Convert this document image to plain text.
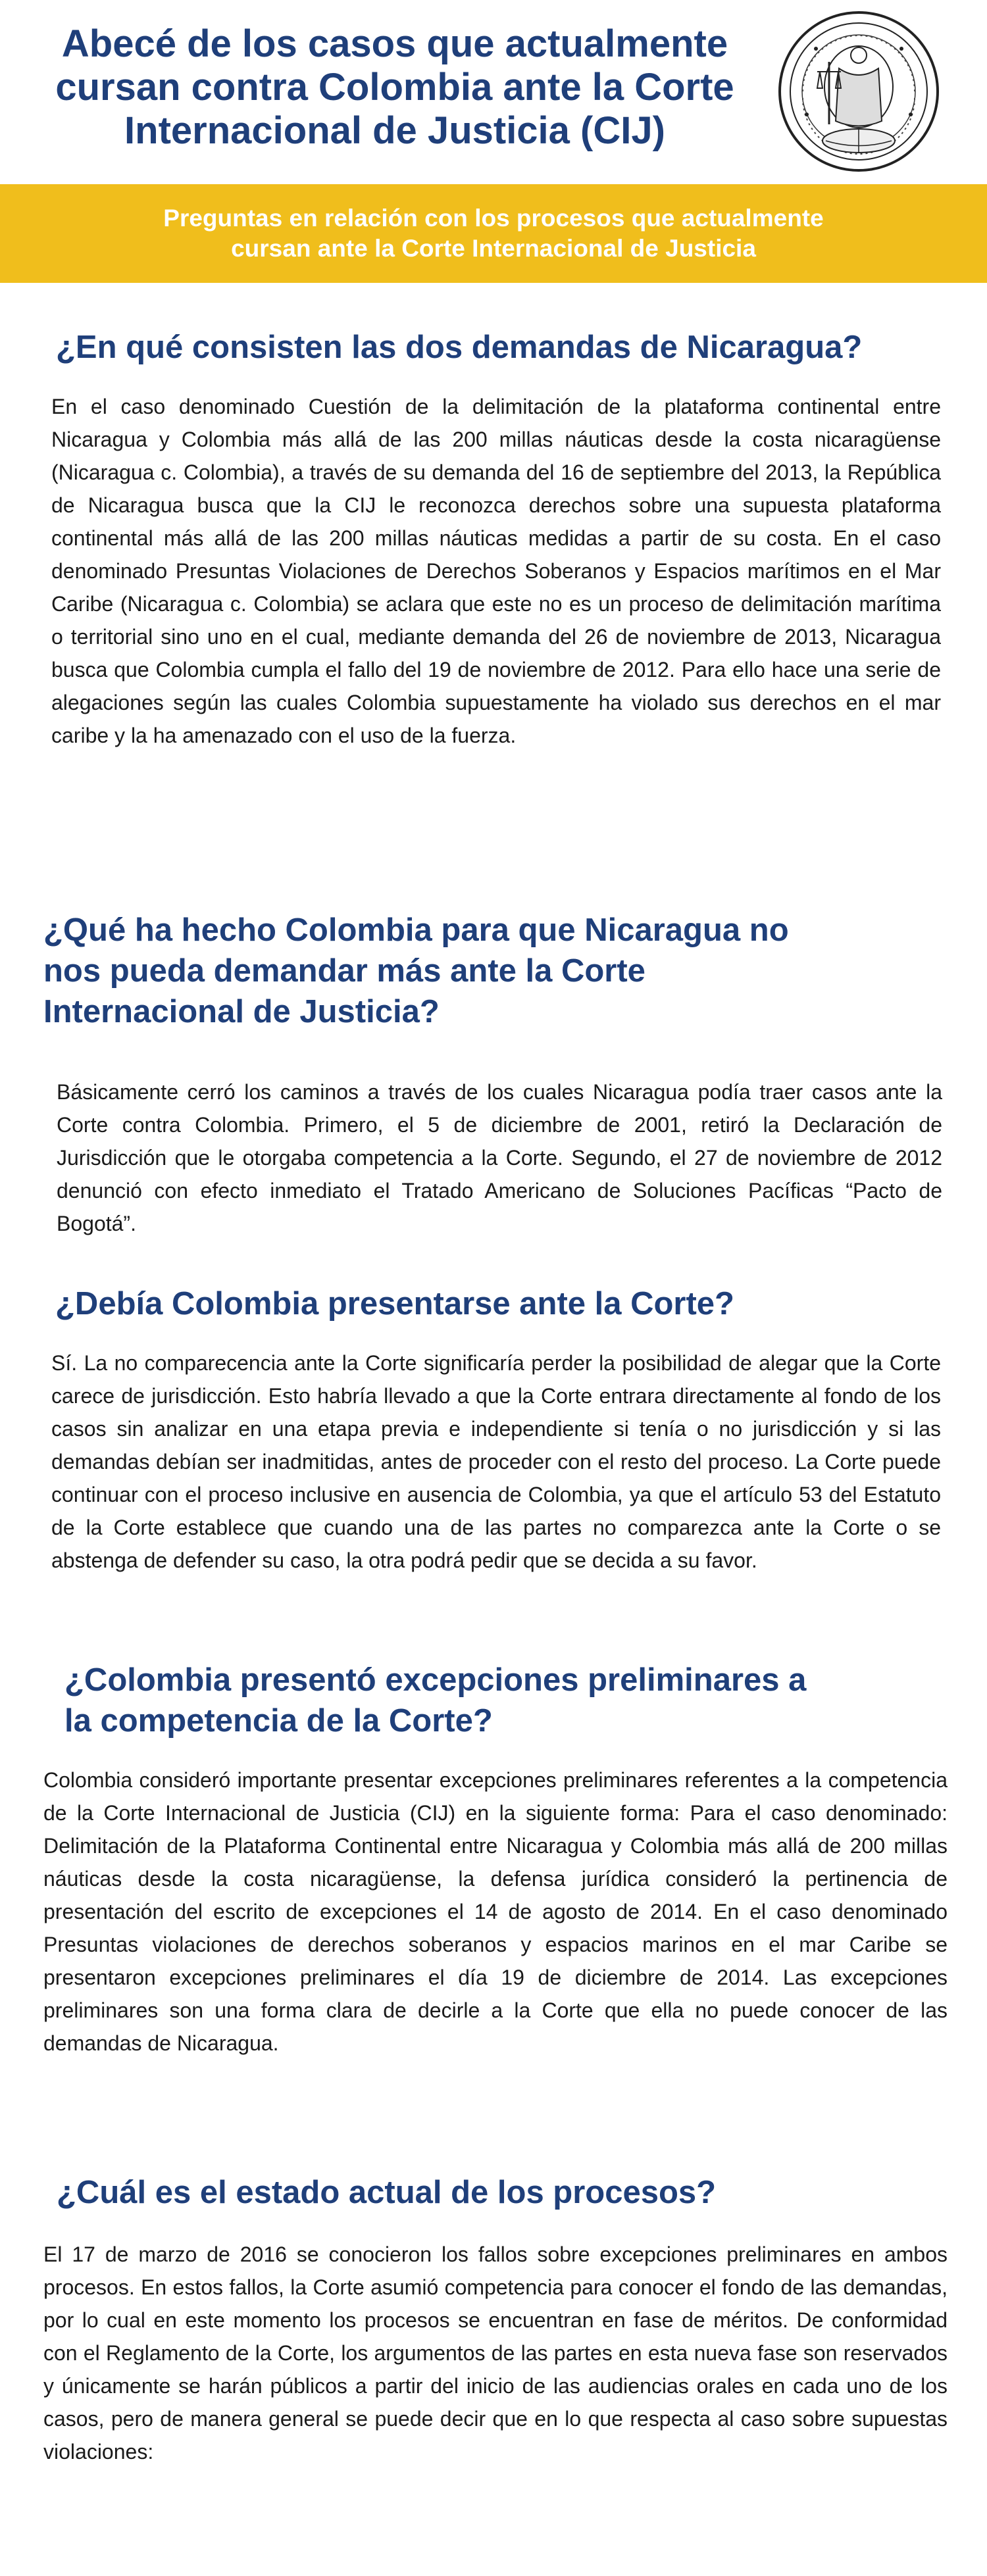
Abecé de los casos que actualmente
cursan contra Colombia ante la Corte
Internacional de Justicia (CIJ)

Preguntas en relación con los procesos que actualmente
cursan ante la Corte Internacional de Justicia

¿En qué consisten las dos demandas de Nicaragua?

En el caso denominado Cuestión de la delimitación de la plataforma continental entre Nicaragua y Colombia más allá de las 200 millas náuticas desde la costa nicaragüense (Nicaragua c. Colombia), a través de su demanda del 16 de septiembre del 2013, la República de Nicaragua busca que la CIJ le reconozca derechos sobre una supuesta plataforma continental más allá de las 200 millas náuticas medidas a partir de su costa. En el caso denominado Presuntas Violaciones de Derechos Soberanos y Espacios marítimos en el Mar Caribe (Nicaragua c. Colombia) se aclara que este no es un proceso de delimitación marítima o territorial sino uno en el cual, mediante demanda del 26 de noviembre de 2013, Nicaragua busca que Colombia cumpla el fallo del 19 de noviembre de 2012. Para ello hace una serie de alegaciones según las cuales Colombia supuestamente ha violado sus derechos en el mar caribe y la ha amenazado con el uso de la fuerza.

¿Qué ha hecho Colombia para que Nicaragua no
nos pueda demandar más ante la Corte
Internacional de Justicia?

Básicamente cerró los caminos a través de los cuales Nicaragua podía traer casos ante la Corte contra Colombia. Primero, el 5 de diciembre de 2001, retiró la Declaración de Jurisdicción que le otorgaba competencia a la Corte. Segundo, el 27 de noviembre de 2012 denunció con efecto inmediato el Tratado Americano de Soluciones Pacíficas “Pacto de Bogotá”.

¿Debía Colombia presentarse ante la Corte?

Sí. La no comparecencia ante la Corte significaría perder la posibilidad de alegar que la Corte carece de jurisdicción. Esto habría llevado a que la Corte entrara directamente al fondo de los casos sin analizar en una etapa previa e independiente si tenía o no jurisdicción y si las demandas debían ser inadmitidas, antes de proceder con el resto del proceso. La Corte puede continuar con el proceso inclusive en ausencia de Colombia, ya que el artículo 53 del Estatuto de la Corte establece que cuando una de las partes no comparezca ante la Corte o se abstenga de defender su caso, la otra podrá pedir que se decida a su favor.

¿Colombia presentó excepciones preliminares a
la competencia de la Corte?

Colombia consideró importante presentar excepciones preliminares referentes a la competencia de la Corte Internacional de Justicia (CIJ) en la siguiente forma: Para el caso denominado: Delimitación de la Plataforma Continental entre Nicaragua y Colombia más allá de 200 millas náuticas desde la costa nicaragüense, la defensa jurídica consideró la pertinencia de presentación del escrito de excepciones el 14 de agosto de 2014. En el caso denominado Presuntas violaciones de derechos soberanos y espacios marinos en el mar Caribe se presentaron excepciones preliminares el día 19 de diciembre de 2014. Las excepciones preliminares son una forma clara de decirle a la Corte que ella no puede conocer de las demandas de Nicaragua.

¿Cuál es el estado actual de los procesos?

El 17 de marzo de 2016 se conocieron los fallos sobre excepciones preliminares en ambos procesos. En estos fallos, la Corte asumió competencia para conocer el fondo de las demandas, por lo cual en este momento los procesos se encuentran en fase de méritos. De conformidad con el Reglamento de la Corte, los argumentos de las partes en esta nueva fase son reservados y únicamente se harán públicos a partir del inicio de las audiencias orales en cada uno de los casos, pero de manera general se puede decir que en lo que respecta al caso sobre supuestas violaciones:
